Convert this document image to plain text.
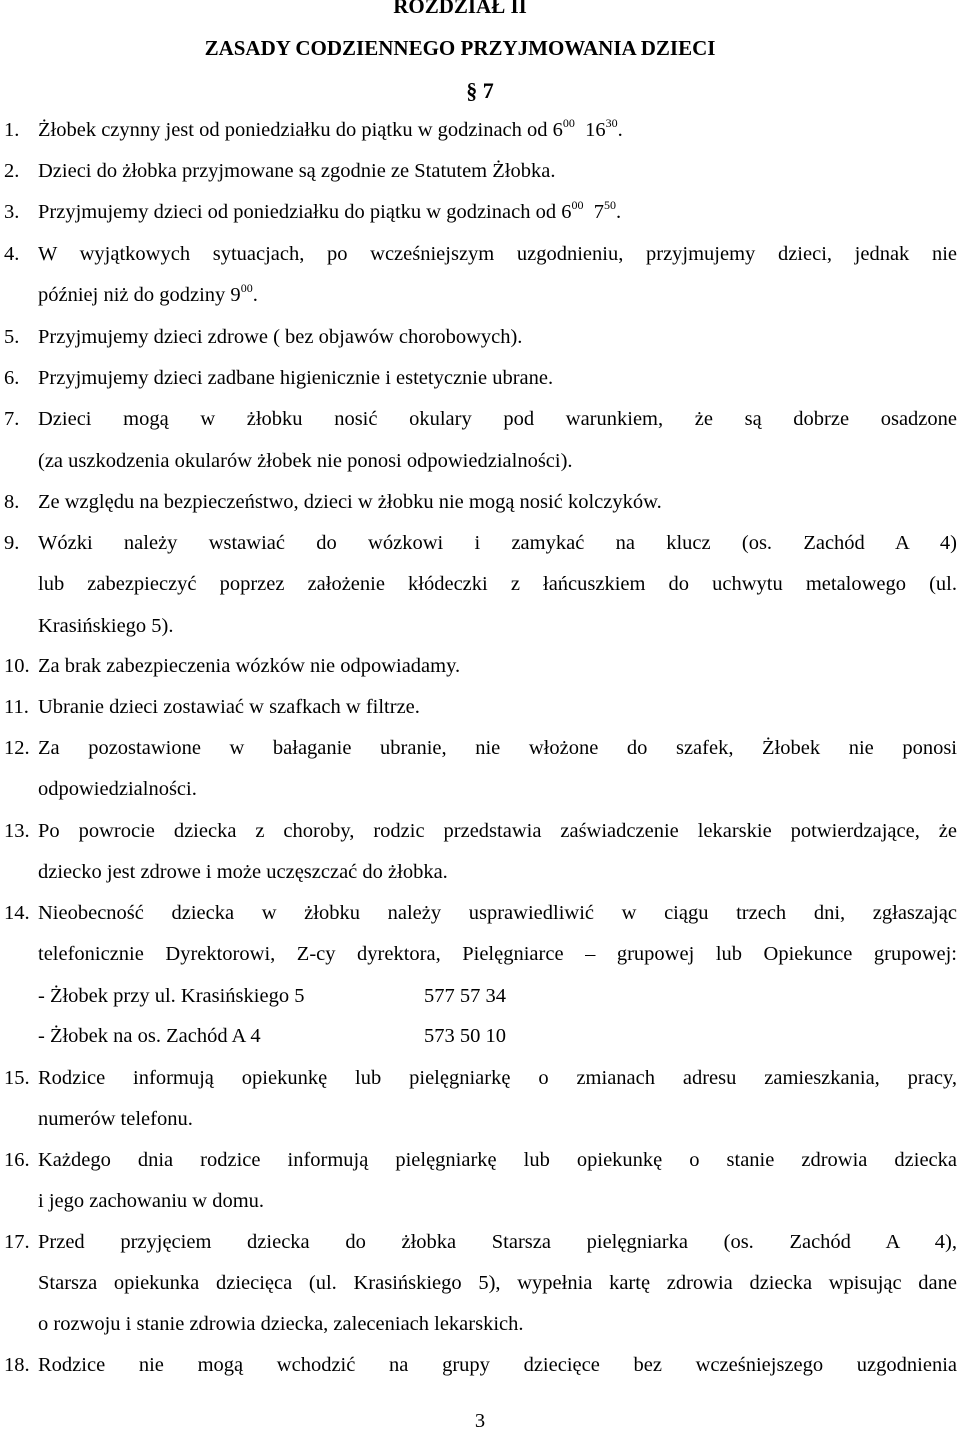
ROZDZIAŁ II
ZASADY CODZIENNEGO PRZYJMOWANIA DZIECI
§ 7
1. Żłobek czynny jest od poniedziałku do piątku w godzinach od $6^{00}$  $16^{30}$.
2. Dzieci do żłobka przyjmowane są zgodnie ze Statutem Żłobka.
3. Przyjmujemy dzieci od poniedziałku do piątku w godzinach od $6^{00}$  $7^{50}$.
4. W wyjątkowych sytuacjach, po wcześniejszym uzgodnieniu, przyjmujemy dzieci, jednak nie
później niż do godziny $9^{00}$.
5. Przyjmujemy dzieci zdrowe ( bez objawów chorobowych).
6. Przyjmujemy dzieci zadbane higienicznie i estetycznie ubrane.
7. Dzieci mogą w żłobku nosić okulary pod warunkiem, że są dobrze osadzone
(za uszkodzenia okularów żłobek nie ponosi odpowiedzialności).
8. Ze względu na bezpieczeństwo, dzieci w żłobku nie mogą nosić kolczyków.
9. Wózki należy wstawiać do wózkowi i zamykać na klucz (os. Zachód A 4)
lub zabezpieczyć poprzez założenie kłódeczki z łańcuszkiem do uchwytu metalowego (ul.
Krasińskiego 5).
10. Za brak zabezpieczenia wózków nie odpowiadamy.
11. Ubranie dzieci zostawiać w szafkach w filtrze.
12. Za pozostawione w bałaganie ubranie, nie włożone do szafek, Żłobek nie ponosi
odpowiedzialności.
13. Po powrocie dziecka z choroby, rodzic przedstawia zaświadczenie lekarskie potwierdzające, że
dziecko jest zdrowe i może uczęszczać do żłobka.
14. Nieobecność dziecka w żłobku należy usprawiedliwić w ciągu trzech dni, zgłaszając
telefonicznie Dyrektorowi, Z-cy dyrektora, Pielęgniarce – grupowej lub Opiekunce grupowej:
- Żłobek przy ul. Krasińskiego 5	577 57 34
- Żłobek na os. Zachód A 4	573 50 10
15. Rodzice informują opiekunkę lub pielęgniarkę o zmianach adresu zamieszkania, pracy,
numerów telefonu.
16. Każdego dnia rodzice informują pielęgniarkę lub opiekunkę o stanie zdrowia dziecka
i jego zachowaniu w domu.
17. Przed przyjęciem dziecka do żłobka Starsza pielęgniarka (os. Zachód A 4),
Starsza opiekunka dziecięca (ul. Krasińskiego 5), wypełnia kartę zdrowia dziecka wpisując dane
o rozwoju i stanie zdrowia dziecka, zaleceniach lekarskich.
18. Rodzice nie mogą wchodzić na grupy dziecięce bez wcześniejszego uzgodnienia
3
